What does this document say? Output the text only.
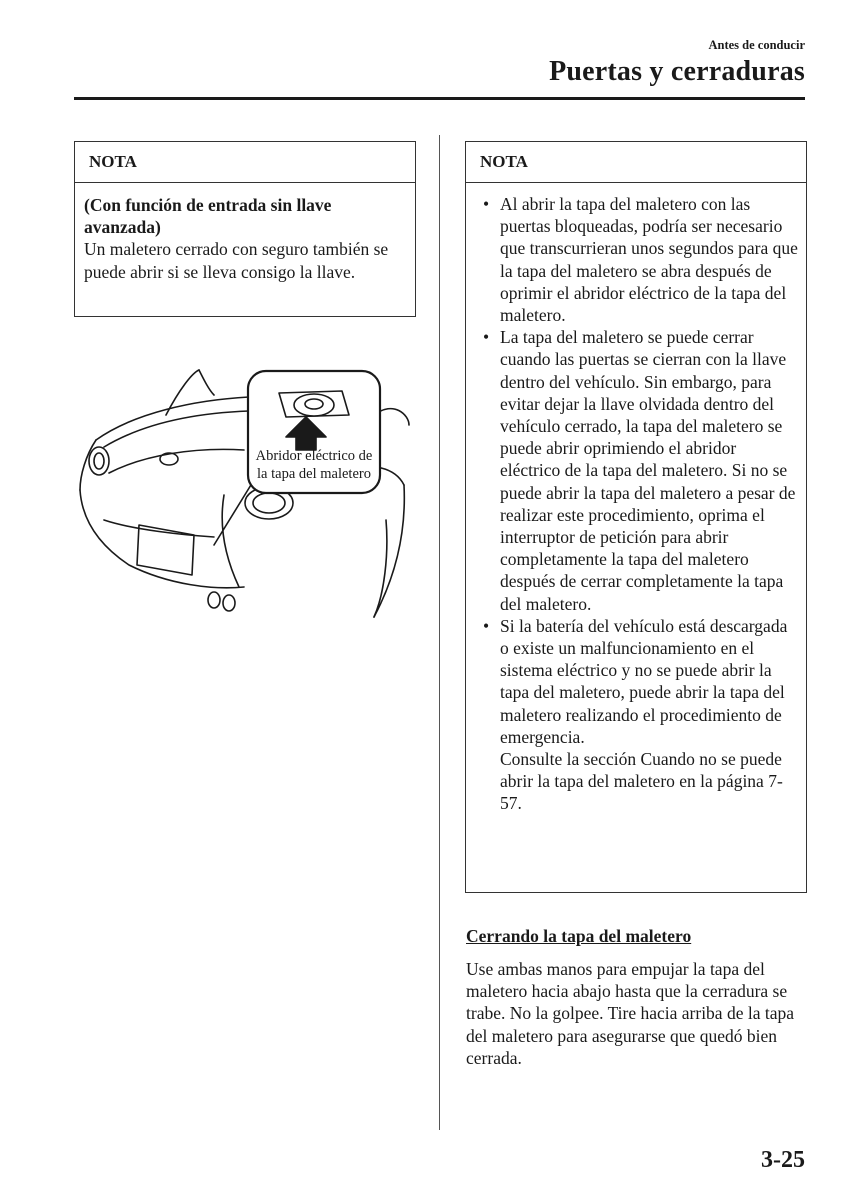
Antes de conducir
Puertas y cerraduras
NOTA
(Con función de entrada sin llave avanzada)
Un maletero cerrado con seguro también se puede abrir si se lleva consigo la llave.
Abridor eléctrico de la tapa del maletero
NOTA
• Al abrir la tapa del maletero con las puertas bloqueadas, podría ser necesario que transcurrieran unos segundos para que la tapa del maletero se abra después de oprimir el abridor eléctrico de la tapa del maletero.
• La tapa del maletero se puede cerrar cuando las puertas se cierran con la llave dentro del vehículo. Sin embargo, para evitar dejar la llave olvidada dentro del vehículo cerrado, la tapa del maletero se puede abrir oprimiendo el abridor eléctrico de la tapa del maletero. Si no se puede abrir la tapa del maletero a pesar de realizar este procedimiento, oprima el interruptor de petición para abrir completamente la tapa del maletero después de cerrar completamente la tapa del maletero.
• Si la batería del vehículo está descargada o existe un malfuncionamiento en el sistema eléctrico y no se puede abrir la tapa del maletero, puede abrir la tapa del maletero realizando el procedimiento de emergencia.
Consulte la sección Cuando no se puede abrir la tapa del maletero en la página 7-57.
Cerrando la tapa del maletero
Use ambas manos para empujar la tapa del maletero hacia abajo hasta que la cerradura se trabe. No la golpee. Tire hacia arriba de la tapa del maletero para asegurarse que quedó bien cerrada.
3-25
